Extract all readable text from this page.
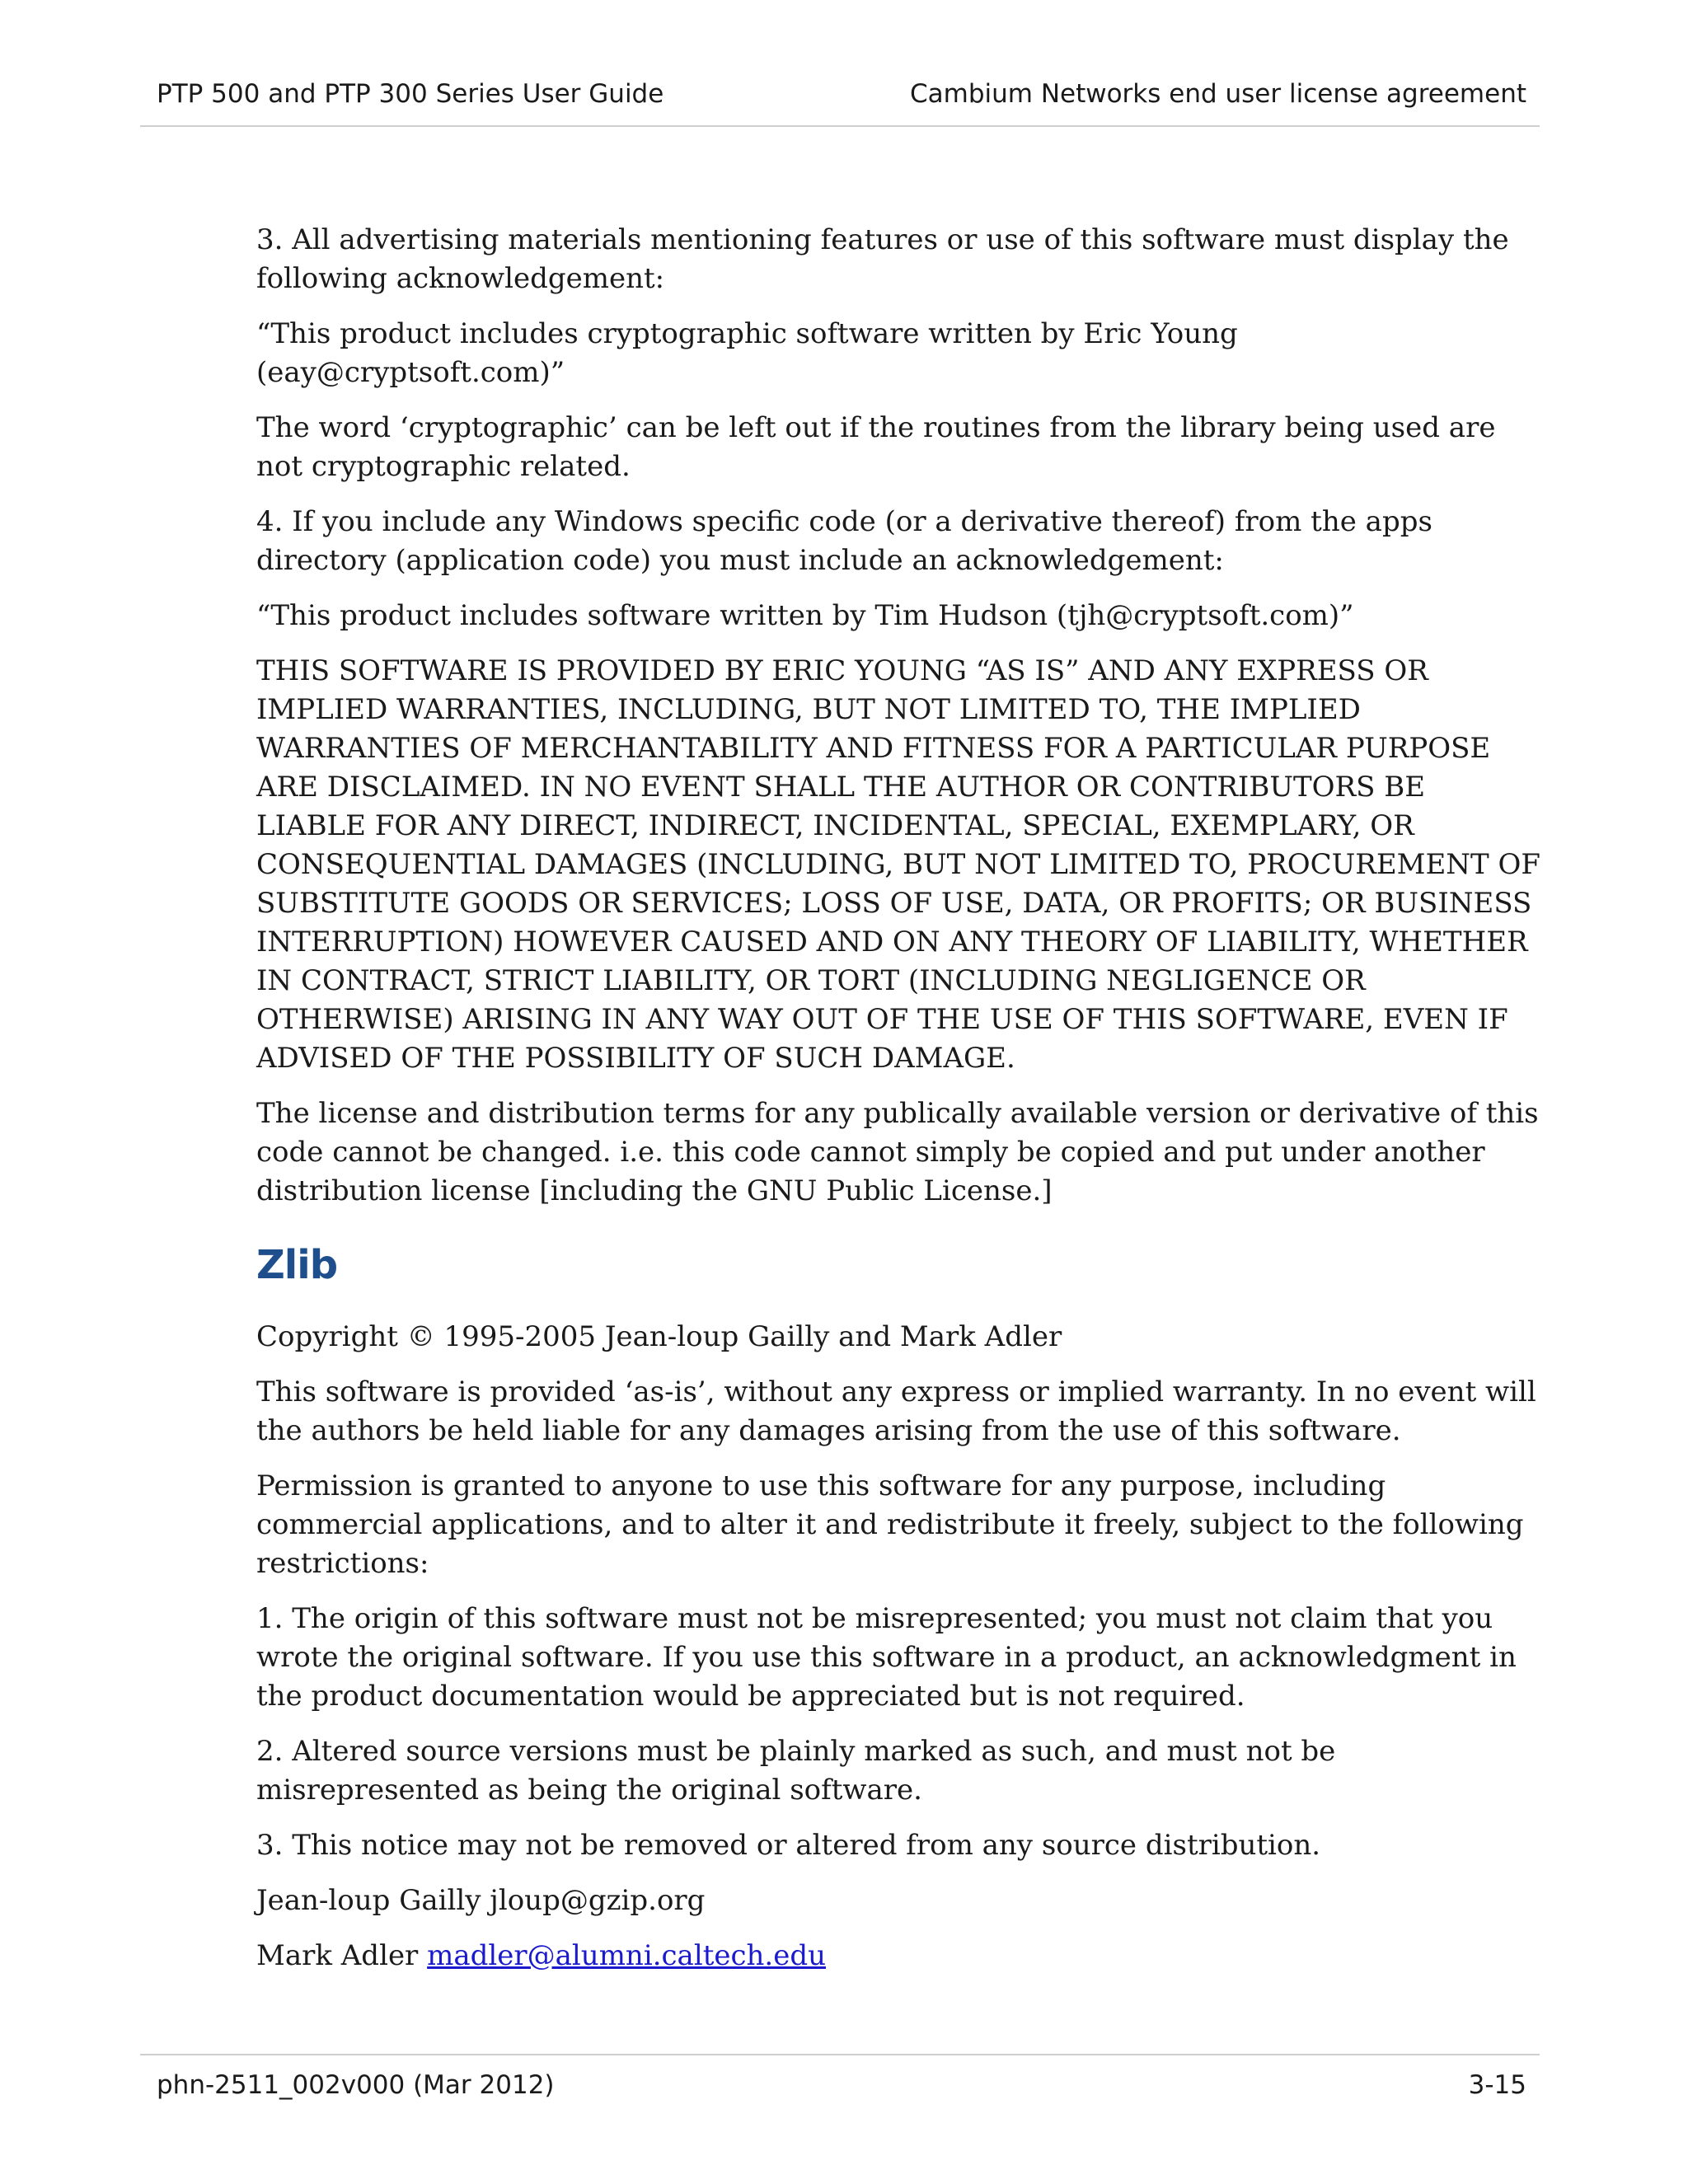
PTP 500 and PTP 300 Series User Guide	Cambium Networks end user license agreement

3. All advertising materials mentioning features or use of this software must display the following acknowledgement:

“This product includes cryptographic software written by Eric Young (eay@cryptsoft.com)”

The word ‘cryptographic’ can be left out if the routines from the library being used are not cryptographic related.

4. If you include any Windows specific code (or a derivative thereof) from the apps directory (application code) you must include an acknowledgement:

“This product includes software written by Tim Hudson (tjh@cryptsoft.com)”

THIS SOFTWARE IS PROVIDED BY ERIC YOUNG “AS IS” AND ANY EXPRESS OR IMPLIED WARRANTIES, INCLUDING, BUT NOT LIMITED TO, THE IMPLIED WARRANTIES OF MERCHANTABILITY AND FITNESS FOR A PARTICULAR PURPOSE ARE DISCLAIMED. IN NO EVENT SHALL THE AUTHOR OR CONTRIBUTORS BE LIABLE FOR ANY DIRECT, INDIRECT, INCIDENTAL, SPECIAL, EXEMPLARY, OR CONSEQUENTIAL DAMAGES (INCLUDING, BUT NOT LIMITED TO, PROCUREMENT OF SUBSTITUTE GOODS OR SERVICES; LOSS OF USE, DATA, OR PROFITS; OR BUSINESS INTERRUPTION) HOWEVER CAUSED AND ON ANY THEORY OF LIABILITY, WHETHER IN CONTRACT, STRICT LIABILITY, OR TORT (INCLUDING NEGLIGENCE OR OTHERWISE) ARISING IN ANY WAY OUT OF THE USE OF THIS SOFTWARE, EVEN IF ADVISED OF THE POSSIBILITY OF SUCH DAMAGE.

The license and distribution terms for any publically available version or derivative of this code cannot be changed. i.e. this code cannot simply be copied and put under another distribution license [including the GNU Public License.]

Zlib

Copyright © 1995-2005 Jean-loup Gailly and Mark Adler

This software is provided ‘as-is’, without any express or implied warranty. In no event will the authors be held liable for any damages arising from the use of this software.

Permission is granted to anyone to use this software for any purpose, including commercial applications, and to alter it and redistribute it freely, subject to the following restrictions:

1. The origin of this software must not be misrepresented; you must not claim that you wrote the original software. If you use this software in a product, an acknowledgment in the product documentation would be appreciated but is not required.

2. Altered source versions must be plainly marked as such, and must not be misrepresented as being the original software.

3. This notice may not be removed or altered from any source distribution.

Jean-loup Gailly jloup@gzip.org

Mark Adler madler@alumni.caltech.edu

phn-2511_002v000 (Mar 2012)	3-15
